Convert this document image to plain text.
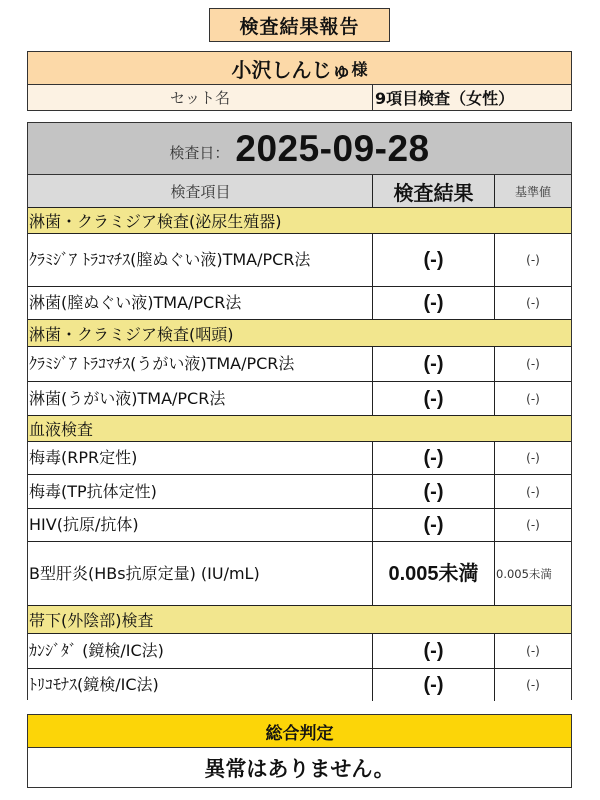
検査結果報告
小沢しんじゅ 様
セット名	9項目検査（女性）
検査日： 2025-09-28
検査項目	検査結果	基準値
淋菌・クラミジア検査(泌尿生殖器)
ｸﾗﾐｼﾞｱ ﾄﾗｺﾏﾁｽ(膣ぬぐい液)TMA/PCR法	(-)	(-)
淋菌(膣ぬぐい液)TMA/PCR法	(-)	(-)
淋菌・クラミジア検査(咽頭)
ｸﾗﾐｼﾞｱ ﾄﾗｺﾏﾁｽ(うがい液)TMA/PCR法	(-)	(-)
淋菌(うがい液)TMA/PCR法	(-)	(-)
血液検査
梅毒(RPR定性)	(-)	(-)
梅毒(TP抗体定性)	(-)	(-)
HIV(抗原/抗体)	(-)	(-)
B型肝炎(HBs抗原定量) (IU/mL)	0.005未満	0.005未満
帯下(外陰部)検査
ｶﾝｼﾞﾀﾞ (鏡検/IC法)	(-)	(-)
ﾄﾘｺﾓﾅｽ(鏡検/IC法)	(-)	(-)
総合判定
異常はありません。
